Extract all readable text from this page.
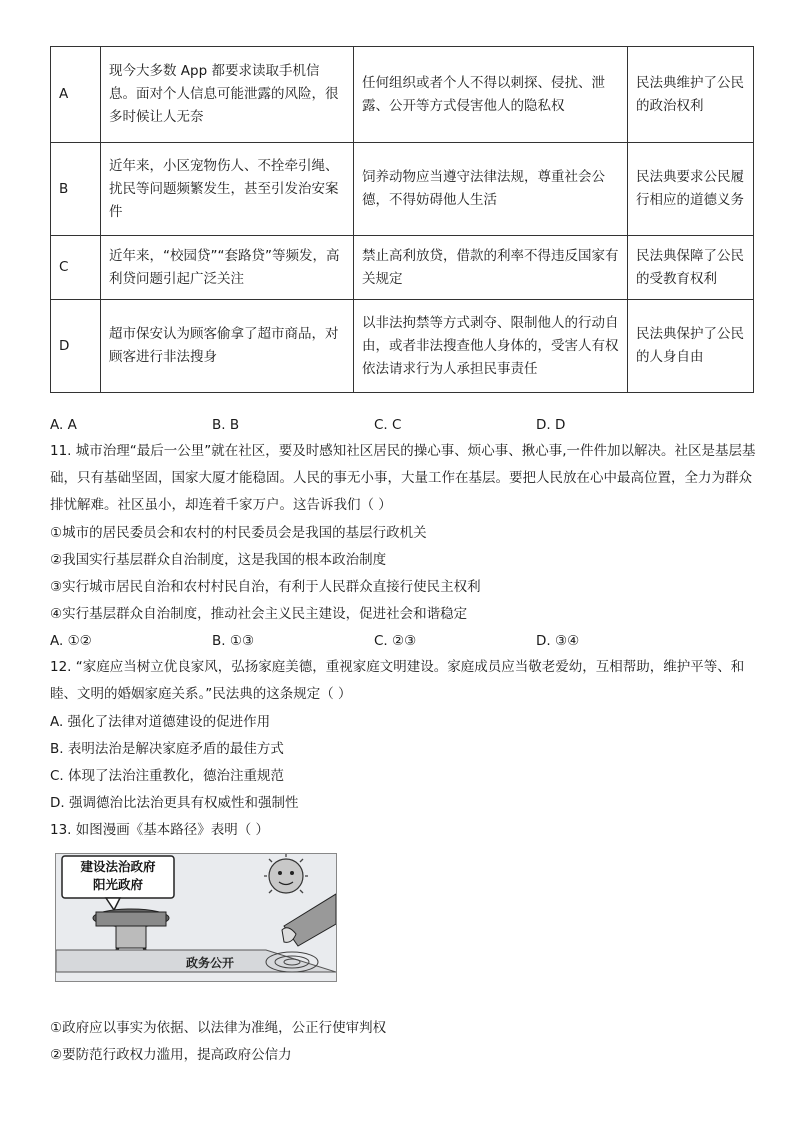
A	现今大多数 App 都要求读取手机信息。面对个人信息可能泄露的风险，很多时候让人无奈	任何组织或者个人不得以刺探、侵扰、泄露、公开等方式侵害他人的隐私权	民法典维护了公民的政治权利
B	近年来，小区宠物伤人、不拴牵引绳、扰民等问题频繁发生，甚至引发治安案件	饲养动物应当遵守法律法规，尊重社会公德，不得妨碍他人生活	民法典要求公民履行相应的道德义务
C	近年来，“校园贷”“套路贷”等频发，高利贷问题引起广泛关注	禁止高利放贷，借款的利率不得违反国家有关规定	民法典保障了公民的受教育权利
D	超市保安认为顾客偷拿了超市商品，对顾客进行非法搜身	以非法拘禁等方式剥夺、限制他人的行动自由，或者非法搜查他人身体的，受害人有权依法请求行为人承担民事责任	民法典保护了公民的人身自由
A. A	B. B	C. C	D. D
11. 城市治理“最后一公里”就在社区，要及时感知社区居民的操心事、烦心事、揪心事,一件件加以解决。社区是基层基础，只有基础坚固，国家大厦才能稳固。人民的事无小事，大量工作在基层。要把人民放在心中最高位置，全力为群众排忧解难。社区虽小，却连着千家万户。这告诉我们（ ）
①城市的居民委员会和农村的村民委员会是我国的基层行政机关
②我国实行基层群众自治制度，这是我国的根本政治制度
③实行城市居民自治和农村村民自治，有利于人民群众直接行使民主权利
④实行基层群众自治制度，推动社会主义民主建设，促进社会和谐稳定
A. ①②	B. ①③	C. ②③	D. ③④
12. “家庭应当树立优良家风，弘扬家庭美德，重视家庭文明建设。家庭成员应当敬老爱幼，互相帮助，维护平等、和睦、文明的婚姻家庭关系。”民法典的这条规定（ ）
A. 强化了法律对道德建设的促进作用
B. 表明法治是解决家庭矛盾的最佳方式
C. 体现了法治注重教化，德治注重规范
D. 强调德治比法治更具有权威性和强制性
13. 如图漫画《基本路径》表明（ ）
建设法治政府
阳光政府
政务公开
①政府应以事实为依据、以法律为准绳，公正行使审判权
②要防范行政权力滥用，提高政府公信力
